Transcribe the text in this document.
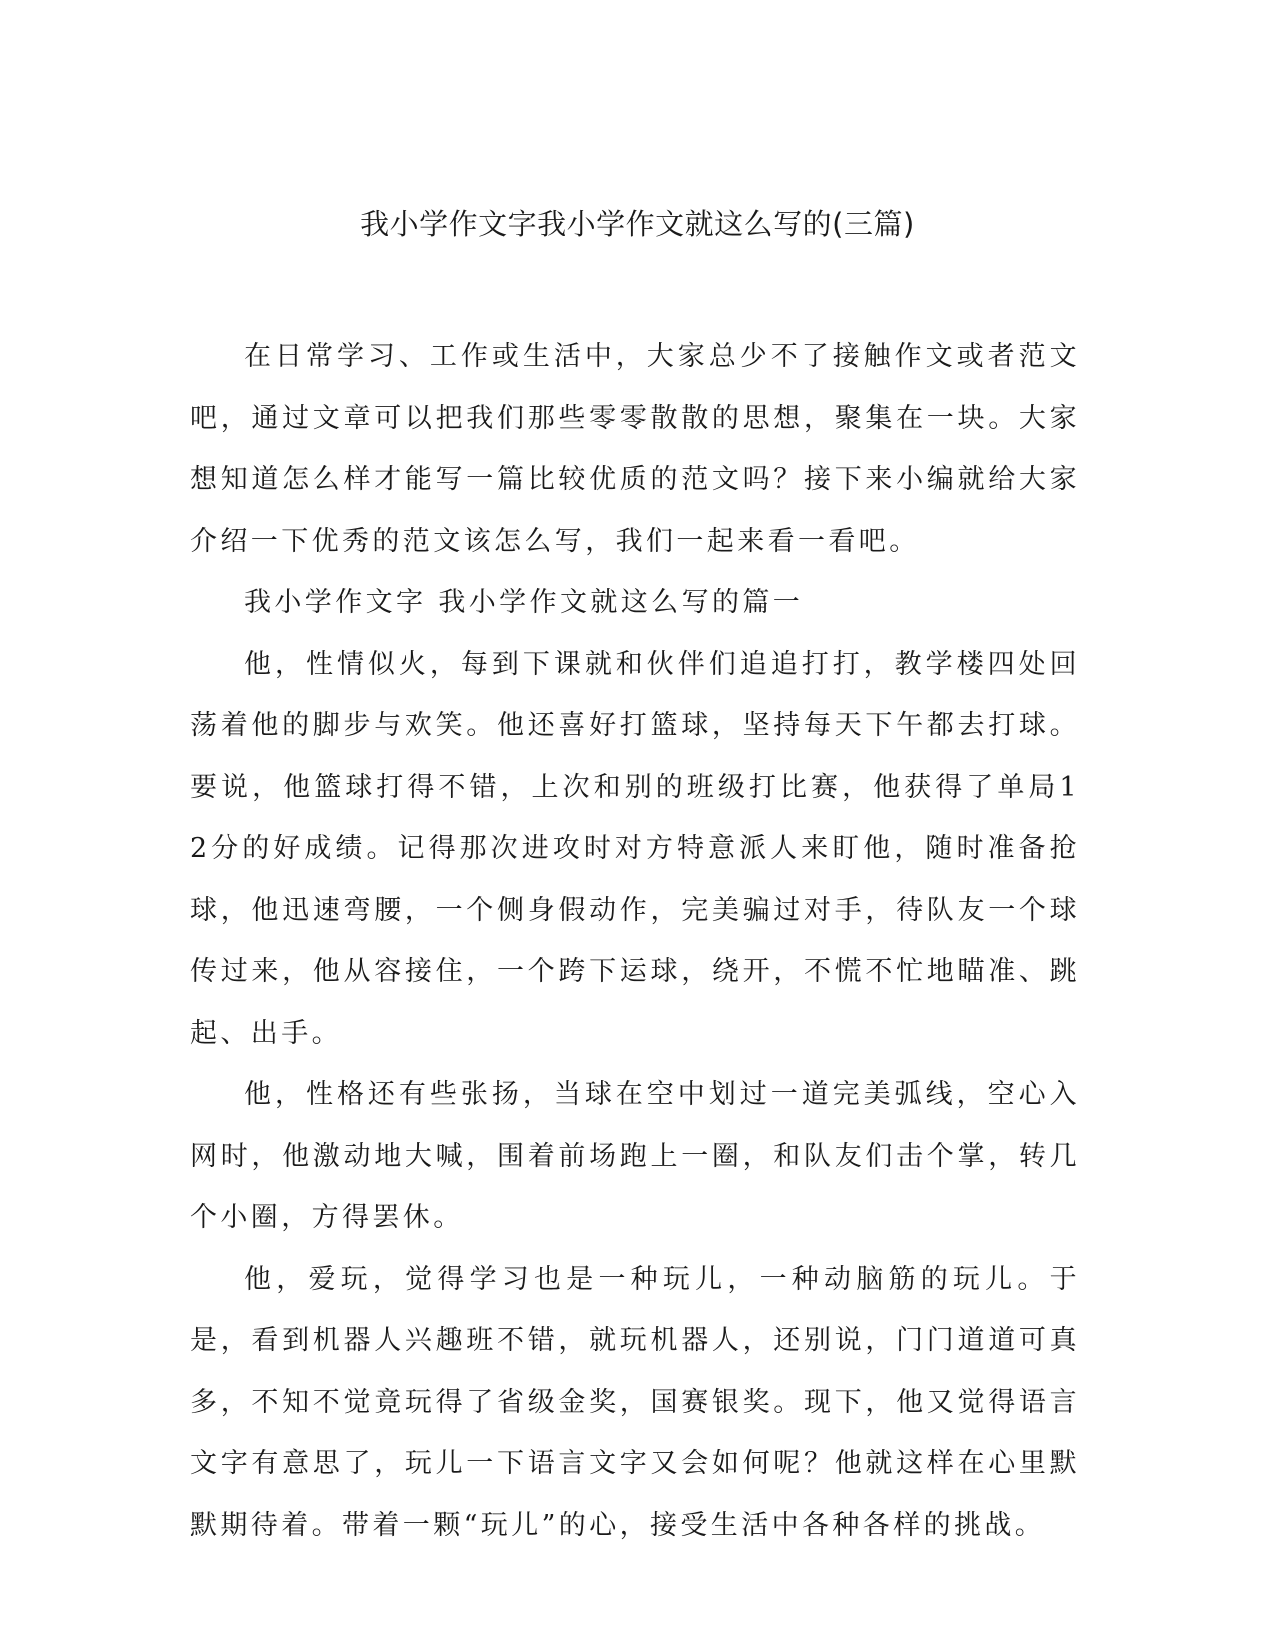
我小学作文字我小学作文就这么写的(三篇)

在日常学习、工作或生活中，大家总少不了接触作文或者范文吧，通过文章可以把我们那些零零散散的思想，聚集在一块。大家想知道怎么样才能写一篇比较优质的范文吗？接下来小编就给大家介绍一下优秀的范文该怎么写，我们一起来看一看吧。

我小学作文字 我小学作文就这么写的篇一

他，性情似火，每到下课就和伙伴们追追打打，教学楼四处回荡着他的脚步与欢笑。他还喜好打篮球，坚持每天下午都去打球。要说，他篮球打得不错，上次和别的班级打比赛，他获得了单局12分的好成绩。记得那次进攻时对方特意派人来盯他，随时准备抢球，他迅速弯腰，一个侧身假动作，完美骗过对手，待队友一个球传过来，他从容接住，一个跨下运球，绕开，不慌不忙地瞄准、跳起、出手。

他，性格还有些张扬，当球在空中划过一道完美弧线，空心入网时，他激动地大喊，围着前场跑上一圈，和队友们击个掌，转几个小圈，方得罢休。

他，爱玩，觉得学习也是一种玩儿，一种动脑筋的玩儿。于是，看到机器人兴趣班不错，就玩机器人，还别说，门门道道可真多，不知不觉竟玩得了省级金奖，国赛银奖。现下，他又觉得语言文字有意思了，玩儿一下语言文字又会如何呢？他就这样在心里默默期待着。带着一颗“玩儿”的心，接受生活中各种各样的挑战。
